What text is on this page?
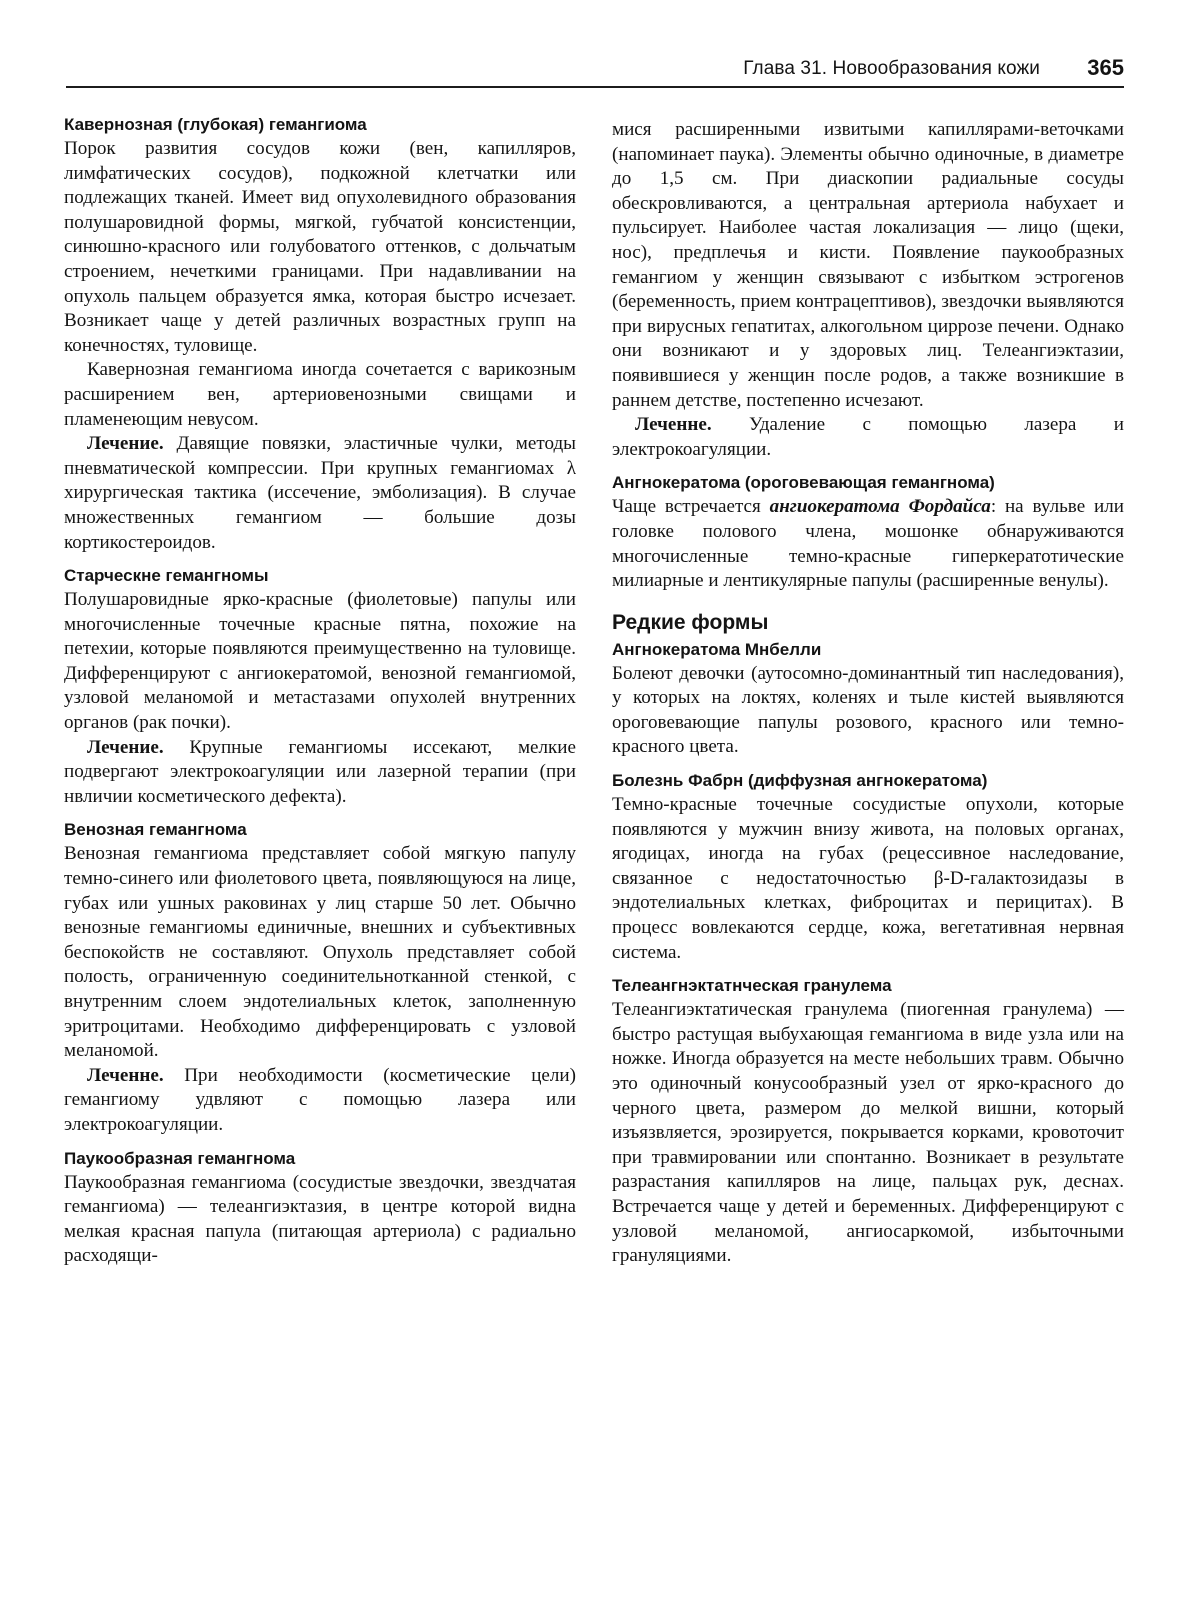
Глава 31. Новообразования кожи 365
Кавернозная (глубокая) гемангиома

Порок развития сосудов кожи (вен, капилляров, лимфатических сосудов), подкожной клетчатки или подлежащих тканей. Имеет вид опухолевидного образования полушаровидной формы, мягкой, губчатой консистенции, синюшно-красного или голубоватого оттенков, с дольчатым строением, нечеткими границами. При надавливании на опухоль пальцем образуется ямка, которая быстро исчезает. Возникает чаще у детей различных возрастных групп на конечностях, туловище.

Кавернозная гемангиома иногда сочетается с варикозным расширением вен, артериовенозными свищами и пламенеющим невусом.

Лечение. Давящие повязки, эластичные чулки, методы пневматической компрессии. При крупных гемангиомах λ хирургическая тактика (иссечение, эмболизация). В случае множественных гемангиом — большие дозы кортикостероидов.

Старческне гемангномы

Полушаровидные ярко-красные (фиолетовые) папулы или многочисленные точечные красные пятна, похожие на петехии, которые появляются преимущественно на туловище. Дифференцируют с ангиокератомой, венозной гемангиомой, узловой меланомой и метастазами опухолей внутренних органов (рак почки).

Лечение. Крупные гемангиомы иссекают, мелкие подвергают электрокоагуляции или лазерной терапии (при нвличии косметического дефекта).

Венозная гемангнома

Венозная гемангиома представляет собой мягкую папулу темно-синего или фиолетового цвета, появляющуюся на лице, губах или ушных раковинах у лиц старше 50 лет. Обычно венозные гемангиомы единичные, внешних и субъективных беспокойств не составляют. Опухоль представляет собой полость, ограниченную соединительнотканной стенкой, с внутренним слоем эндотелиальных клеток, заполненную эритроцитами. Необходимо дифференцировать с узловой меланомой.

Леченне. При необходимости (косметические цели) гемангиому удвляют с помощью лазера или электрокоагуляции.

Паукообразная гемангнома

Паукообразная гемангиома (сосудистые звездочки, звездчатая гемангиома) — телеангиэктазия, в центре которой видна мелкая красная папула (питающая артериола) с радиально расходящи-

мися расширенными извитыми капиллярами-веточками (напоминает паука). Элементы обычно одиночные, в диаметре до 1,5 см. При диаскопии радиальные сосуды обескровливаются, а центральная артериола набухает и пульсирует. Наиболее частая локализация — лицо (щеки, нос), предплечья и кисти. Появление паукообразных гемангиом у женщин связывают с избытком эстрогенов (беременность, прием контрацептивов), звездочки выявляются при вирусных гепатитах, алкогольном циррозе печени. Однако они возникают и у здоровых лиц. Телеангиэктазии, появившиеся у женщин после родов, а также возникшие в раннем детстве, постепенно исчезают.

Леченне. Удаление с помощью лазера и электрокоагуляции.

Ангнокератома (ороговевающая гемангнома)

Чаще встречается ангиокератома Фордайса: на вульве или головке полового члена, мошонке обнаруживаются многочисленные темно-красные гиперкератотические милиарные и лентикулярные папулы (расширенные венулы).

Редкие формы
Ангнокератома Мнбелли

Болеют девочки (аутосомно-доминантный тип наследования), у которых на локтях, коленях и тыле кистей выявляются ороговевающие папулы розового, красного или темно-красного цвета.

Болезнь Фабрн (диффузная ангнокератома)

Темно-красные точечные сосудистые опухоли, которые появляются у мужчин внизу живота, на половых органах, ягодицах, иногда на губах (рецессивное наследование, связанное с недостаточностью β-D-галактозидазы в эндотелиальных клетках, фиброцитах и перицитах). В процесс вовлекаются сердце, кожа, вегетативная нервная система.

Телеангнэктатнческая гранулема

Телеангиэктатическая гранулема (пиогенная гранулема) — быстро растущая выбухающая гемангиома в виде узла или на ножке. Иногда образуется на месте небольших травм. Обычно это одиночный конусообразный узел от ярко-красного до черного цвета, размером до мелкой вишни, который изъязвляется, эрозируется, покрывается корками, кровоточит при травмировании или спонтанно. Возникает в результате разрастания капилляров на лице, пальцах рук, деснах. Встречается чаще у детей и беременных. Дифференцируют с узловой меланомой, ангиосаркомой, избыточными грануляциями.
